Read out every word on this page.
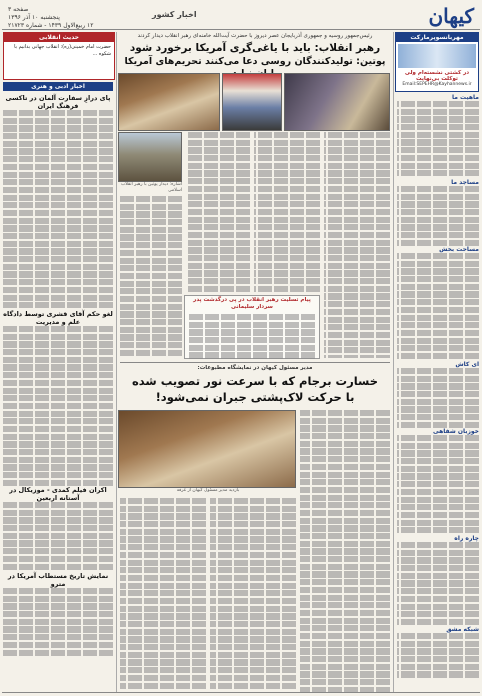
کیهان
اخبار کشور
صفحه ۳
پنجشنبه ۱۰ آذر ۱۳۹۶
۱۲ ربیع‌الاول ۱۴۳۹ - شماره ۲۱۷۲۳
مهربانسوپرمارکت
در کشتی نشسته‌ام ولی توکلت بی‌نهایت
Email:SEPEHR@Kayhannews.ir
ماهیت ما
مساجد ما
مساحت بخش
ای کاش
خوزبان شفاهی
چاره راه
شبکه مشق
رئیس‌جمهور روسیه و جمهوری آذربایجان عصر دیروز با حضرت آیت‌الله خامنه‌ای رهبر انقلاب دیدار کردند
رهبر انقلاب: باید با یاغی‌گری آمریکا برخورد شود
پوتین: تولیدکنندگان روسی دعا می‌کنند تحریم‌های آمریکا
اشاره: دیدار پوتین با رهبر انقلاب اسلامی
پیام تسلیت رهبر انقلاب در پی درگذشت پدر سردار سلیمانی
مدیر مسئول کیهان در نمایشگاه مطبوعات:
خسارت برجام که با سرعت نور تصویب شده
با حرکت لاک‌پشتی جبران نمی‌شود!
بازدید مدیر مسئول کیهان از غرفه
حدیث انقلابی
حضرت امام خمینی(ره): انقلاب جهانی بدانیم با شکوه ...
اخبار ادبی و هنری
پای درازِ سفارت آلمان در تاکسی فرهنگ ایران
لغو حکم آقای قشری توسط دادگاه علم و مدیریت
اکران فیلم کمدی - موزیکال در آستانه اربعین
نمایش تاریخ مستطاب آمریکا در مترو
